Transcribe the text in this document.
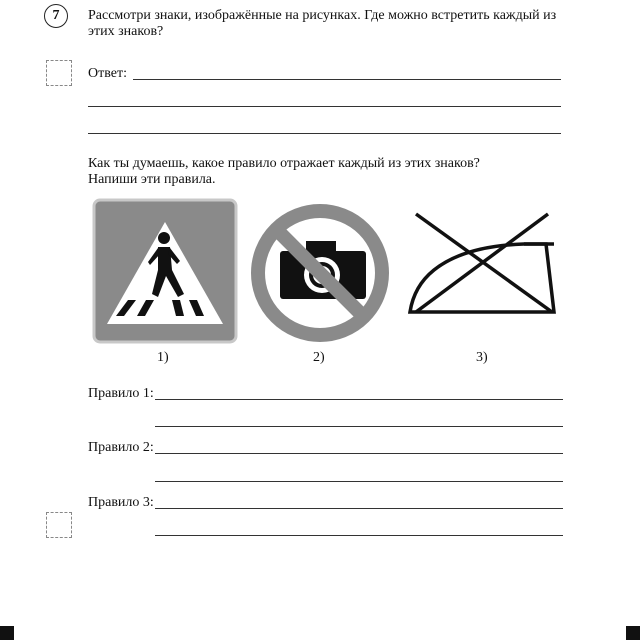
7	Рассмотри знаки, изображённые на рисунках. Где можно встретить каждый из этих знаков?
Ответ:
Как ты думаешь, какое правило отражает каждый из этих знаков?
Напиши эти правила.
1)	2)	3)
Правило 1:
Правило 2:
Правило 3:
